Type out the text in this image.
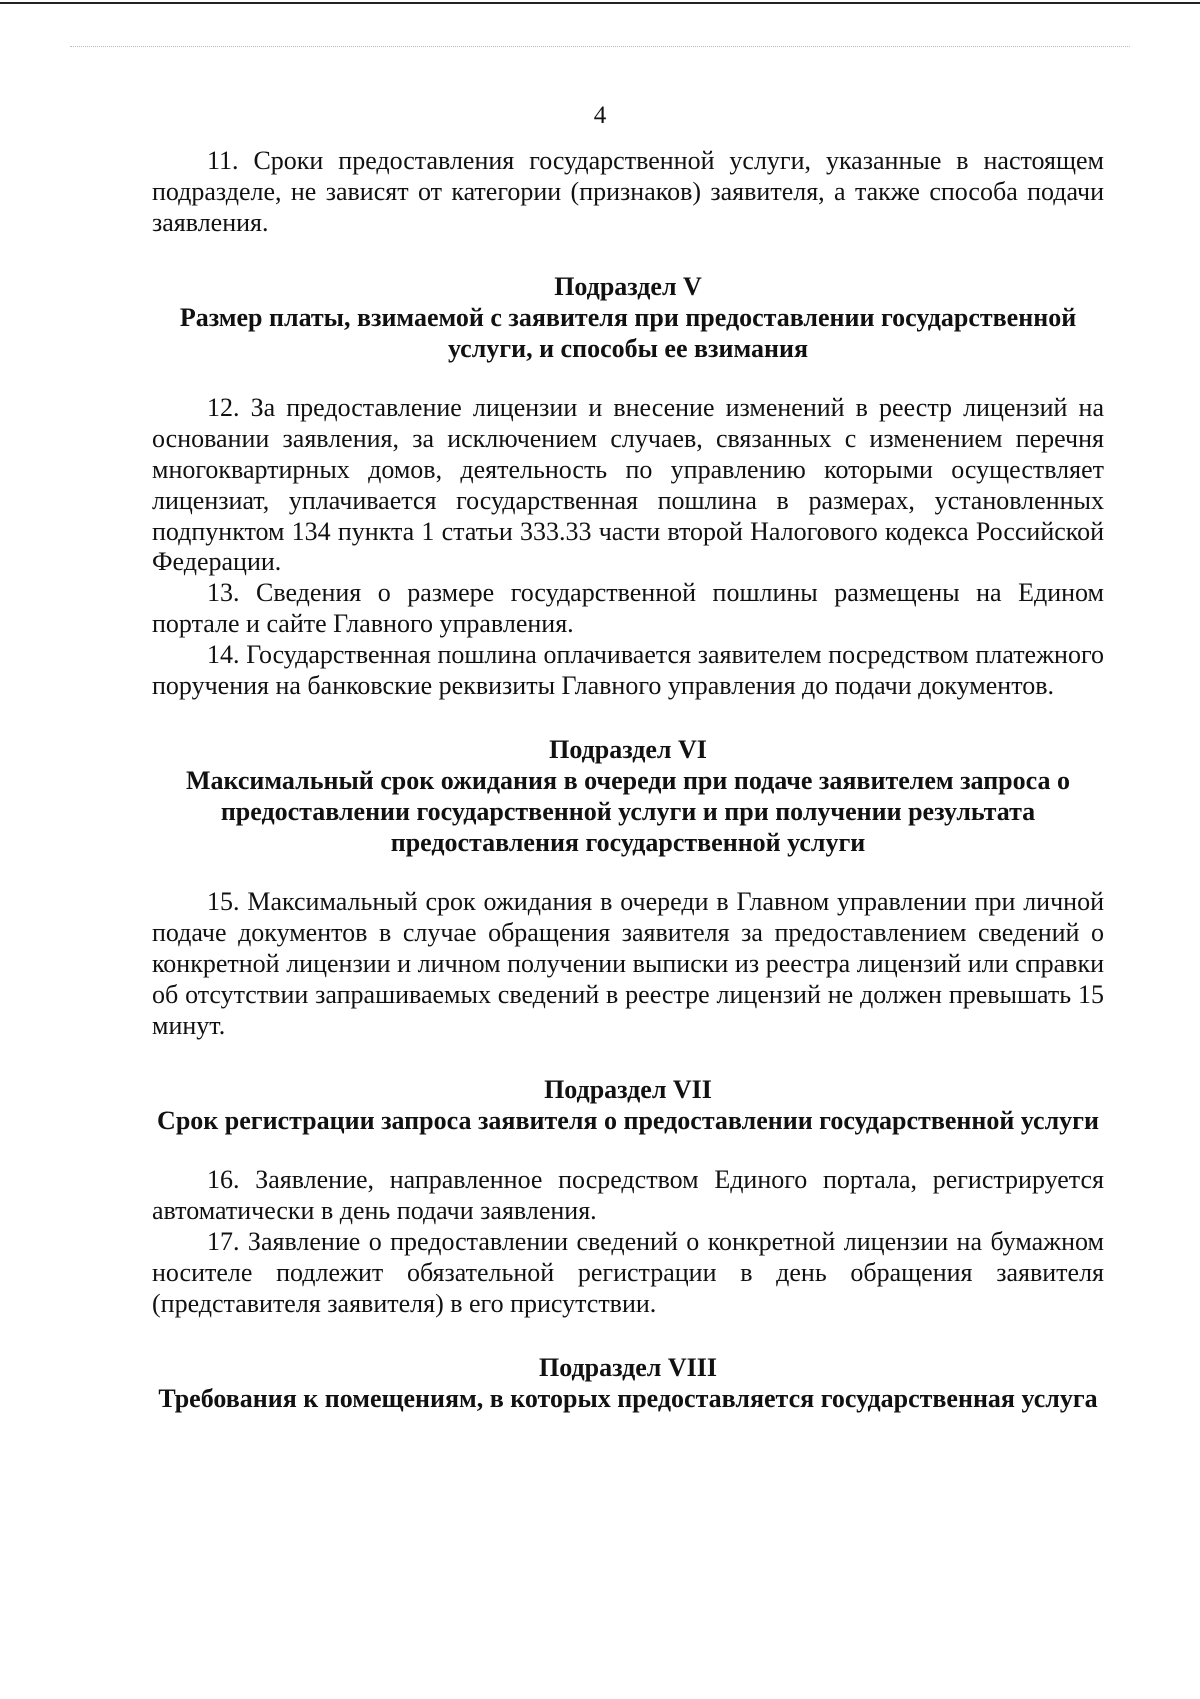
4

11. Сроки предоставления государственной услуги, указанные в настоящем подразделе, не зависят от категории (признаков) заявителя, а также способа подачи заявления.

Подраздел V
Размер платы, взимаемой с заявителя при предоставлении государственной услуги, и способы ее взимания

12. За предоставление лицензии и внесение изменений в реестр лицензий на основании заявления, за исключением случаев, связанных с изменением перечня многоквартирных домов, деятельность по управлению которыми осуществляет лицензиат, уплачивается государственная пошлина в размерах, установленных подпунктом 134 пункта 1 статьи 333.33 части второй Налогового кодекса Российской Федерации.

13. Сведения о размере государственной пошлины размещены на Едином портале и сайте Главного управления.

14. Государственная пошлина оплачивается заявителем посредством платежного поручения на банковские реквизиты Главного управления до подачи документов.

Подраздел VI
Максимальный срок ожидания в очереди при подаче заявителем запроса о предоставлении государственной услуги и при получении результата предоставления государственной услуги

15. Максимальный срок ожидания в очереди в Главном управлении при личной подаче документов в случае обращения заявителя за предоставлением сведений о конкретной лицензии и личном получении выписки из реестра лицензий или справки об отсутствии запрашиваемых сведений в реестре лицензий не должен превышать 15 минут.

Подраздел VII
Срок регистрации запроса заявителя о предоставлении государственной услуги

16. Заявление, направленное посредством Единого портала, регистрируется автоматически в день подачи заявления.

17. Заявление о предоставлении сведений о конкретной лицензии на бумажном носителе подлежит обязательной регистрации в день обращения заявителя (представителя заявителя) в его присутствии.

Подраздел VIII
Требования к помещениям, в которых предоставляется государственная услуга
